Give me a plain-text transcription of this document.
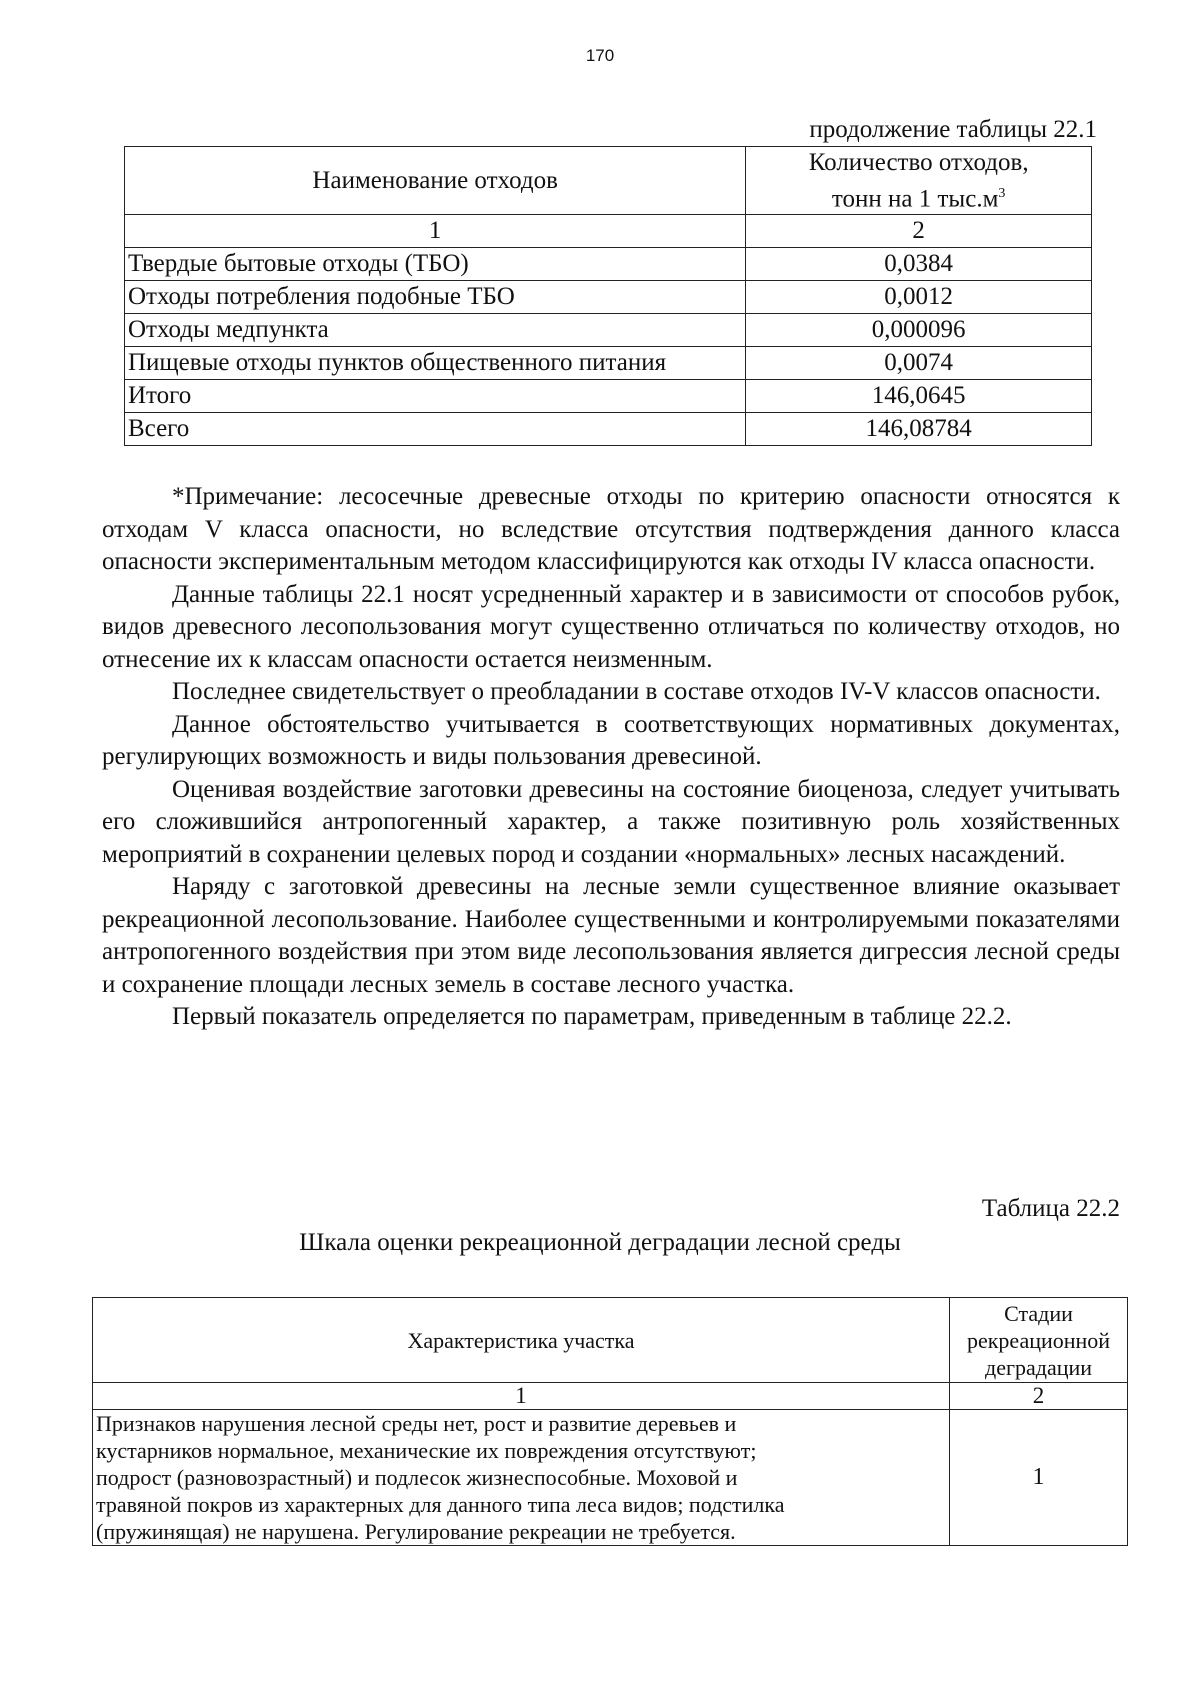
170
продолжение таблицы 22.1
Наименование отходов	Количество отходов,
тонн на 1 $тыс.м^3$
1	2
Твердые бытовые отходы (ТБО)	0,0384
Отходы потребления подобные ТБО	0,0012
Отходы медпункта	0,000096
Пищевые отходы пунктов общественного питания	0,0074
Итого	146,0645
Всего	146,08784

*Примечание: лесосечные древесные отходы по критерию опасности относятся к отходам V класса опасности, но вследствие отсутствия подтверждения данного класса опасности экспериментальным методом классифицируются как отходы IV класса опасности.

Данные таблицы 22.1 носят усредненный характер и в зависимости от способов рубок, видов древесного лесопользования могут существенно отличаться по количеству отходов, но отнесение их к классам опасности остается неизменным.

Последнее свидетельствует о преобладании в составе отходов IV-V классов опасности.

Данное обстоятельство учитывается в соответствующих нормативных документах, регулирующих возможность и виды пользования древесиной.

Оценивая воздействие заготовки древесины на состояние биоценоза, следует учитывать его сложившийся антропогенный характер, а также позитивную роль хозяйственных мероприятий в сохранении целевых пород и создании «нормальных» лесных насаждений.

Наряду с заготовкой древесины на лесные земли существенное влияние оказывает рекреационной лесопользование. Наиболее существенными и контролируемыми показателями антропогенного воздействия при этом виде лесопользования является дигрессия лесной среды и сохранение площади лесных земель в составе лесного участка.

Первый показатель определяется по параметрам, приведенным в таблице 22.2.

Таблица 22.2
Шкала оценки рекреационной деградации лесной среды
Характеристика участка	Стадии
рекреационной
деградации
1	2
Признаков нарушения лесной среды нет, рост и развитие деревьев и
кустарников нормальное, механические их повреждения отсутствуют;
подрост (разновозрастный) и подлесок жизнеспособные. Моховой и
травяной покров из характерных для данного типа леса видов; подстилка
(пружинящая) не нарушена. Регулирование рекреации не требуется.	1
